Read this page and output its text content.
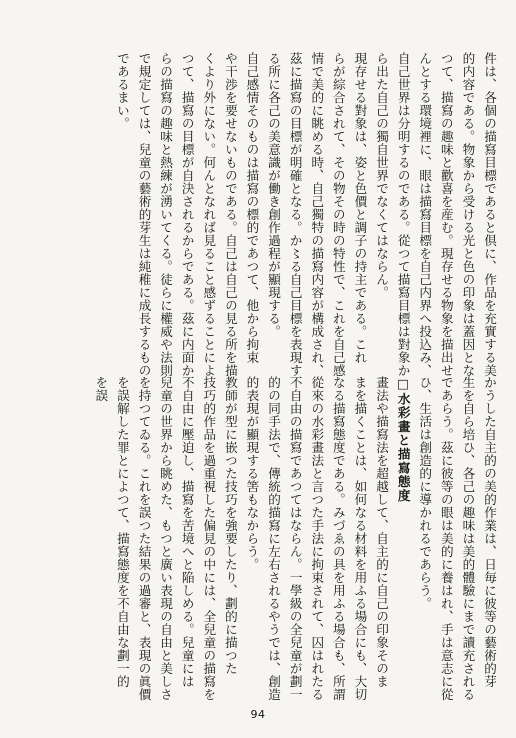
件は、各個の描寫目標であると倶に、作品を充實する美
的内容である。物象から受ける光と色の印象は蓋因とな
つて、描寫の趣味と歡喜を産む。現存せる物象を描出せ
んとする環境裡に、眼は描寫目標を自己内界へ投込み、
自己世界は分明するのである。從つて描寫目標は對象か
ら出た自己の獨自世界でなくてはならん。
現存せる對象は、姿と色價と調子の持主である。これ
らが綜合されて、その物その時の特性で、これを自己感
情で美的に眺める時、自己獨特の描寫内容が構成され、
茲に描寫の目標が明確となる。か〻る自己目標を表現す
る所に各己の美意識が働き創作過程が顯現する。
自己感情そのものは描寫の標的であつて、他から拘束
や干渉を要せないものである。自己は自己の見る所を描
くより外にない。何んとなれば見ること感ずることによ
つて、描寫の目標が自決されるからである。茲に内面か
らの描寫の趣味と熱練が湧いてくる。徒らに權威や法則
で規定しては、兒童の藝術的芽生は純稚に成長するもの
であるまい。
かうした自主的の美的作業は、日毎に彼等の藝術的芽
生を自ら培ひ、各己の趣味は美的體驗にまで讀充される
であらう。茲に彼等の眼は美的に養はれ、手は意志に從
ひ、生活は創造的に導かれるであらう。
□水彩畫と描寫態度
畫法や描寫法を超越して、自主的に自己の印象そのま
まを描くことは、如何なる材料を用ふる場合にも、大切
なる描寫態度である。みづゑの具を用ふる場合も、所謂
從來の水彩畫法と言つた手法に拘束されて、囚はれたる
不自由の描寫であつてはならん。一學級の全兒童が劃一
的の同手法で、傳統的描寫に左右されるやうでは、創造
的表現が顯現する筈もなからう。
教師が型に嵌つた技巧を強要したり、劃的に描つた
技巧的作品を過重視した偏見の中には、全兒童の描寫を
不自由に壓迫し、描寫を苦境へと陥しめる。兒童には
兒童の世界から眺めた、もつと廣い表現の自由と美しさ
を持つてゐる。これを誤つた結果の過審と、表現の眞價
を誤解した罪とによつて、描寫態度を不自由な劃一的
を誤
94
